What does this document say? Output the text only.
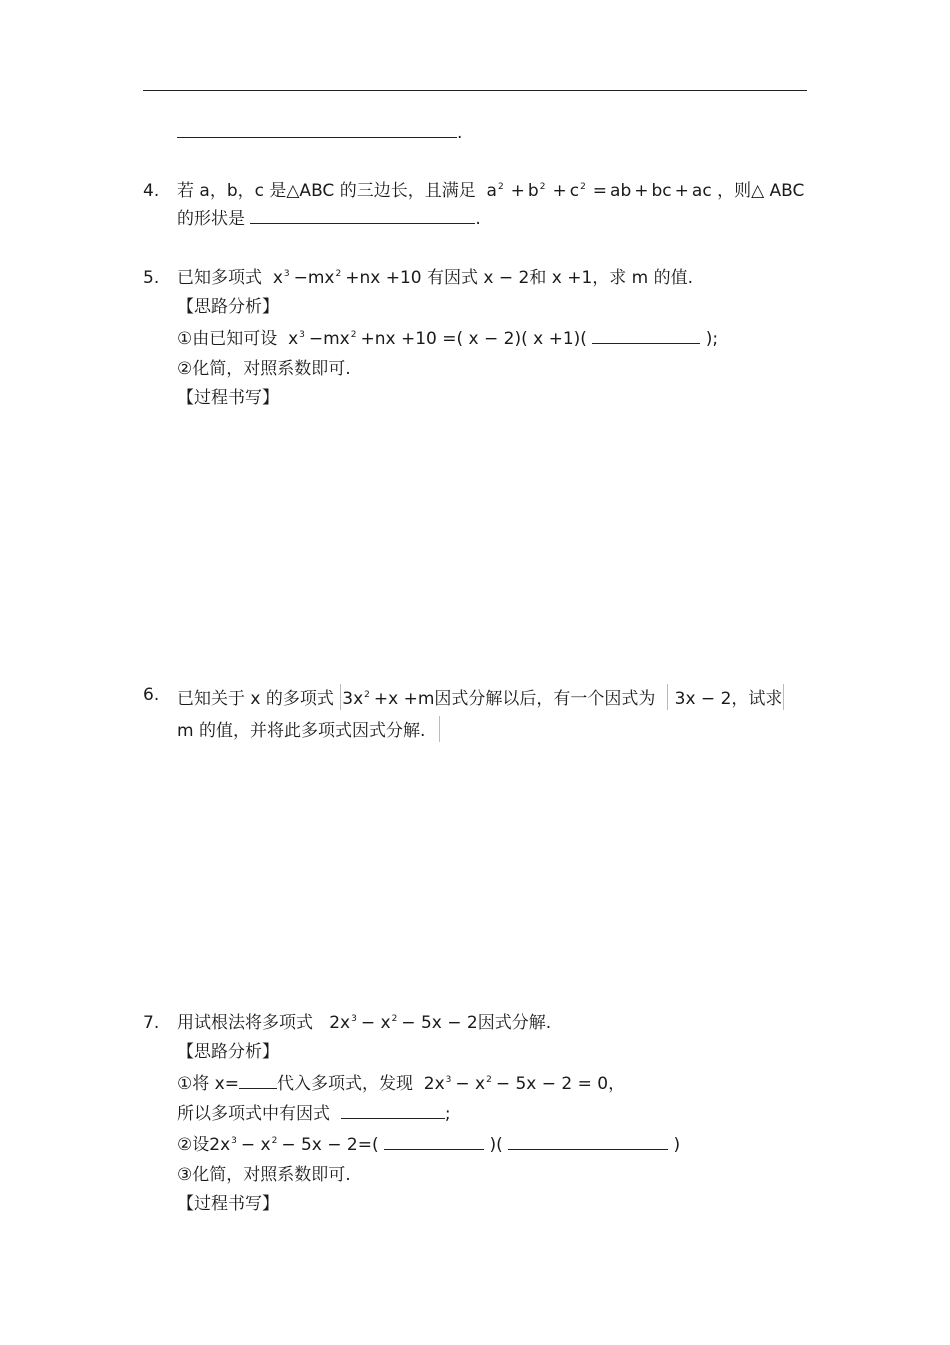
.
4. 若 a，b，c 是△ABC 的三边长，且满足 $a^2 + b^2 + c^2$ = ab + bc + ac ，则△ ABC
的形状是	.
5. 已知多项式 $x^3 -mx^2 +nx +10$ 有因式 x − 2和 x +1，求 m 的值.
【思路分析】
①由已知可设 $x^3 -mx^2 +nx +10$ =( x − 2)( x +1)(	);
②化简，对照系数即可.
【过程书写】
6. 已知关于 x 的多项式 $3x^2 +x +m$因式分解以后，有一个因式为 3x − 2，试求
m 的值，并将此多项式因式分解.
7. 用试根法将多项式 $2x^3 - x^2 - 5x - 2$因式分解.
【思路分析】
①将 x= 代入多项式，发现 $2x^3 - x^2 - 5x - 2 = 0$，
所以多项式中有因式	;
②设$2x^3 - x^2 - 5x - 2=$(	)(	)
③化简，对照系数即可.
【过程书写】
